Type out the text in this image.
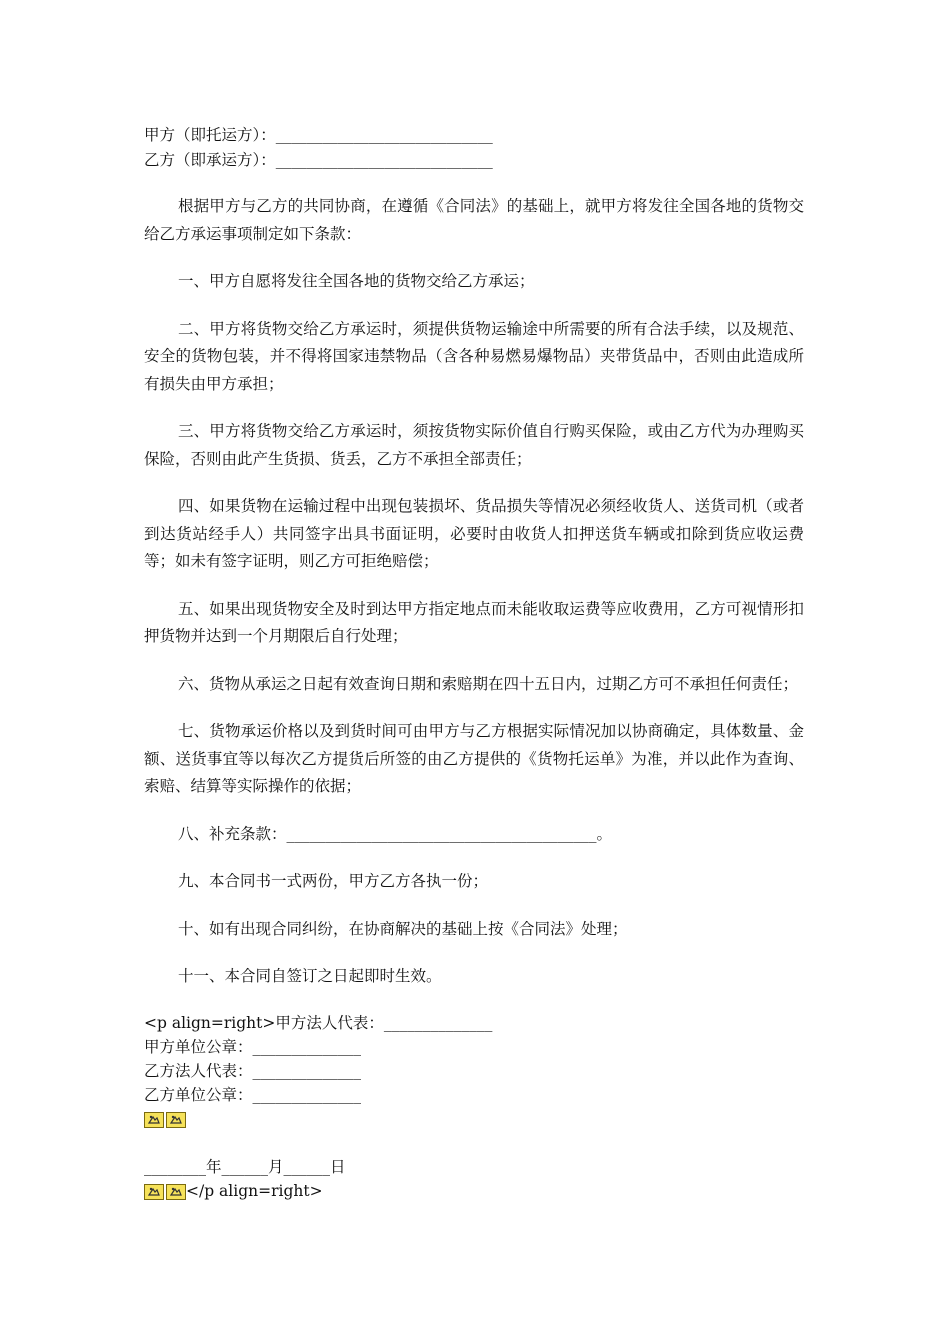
甲方（即托运方）：____________________________
乙方（即承运方）：____________________________

根据甲方与乙方的共同协商，在遵循《合同法》的基础上，就甲方将发往全国各地的货物交给乙方承运事项制定如下条款：

一、甲方自愿将发往全国各地的货物交给乙方承运；

二、甲方将货物交给乙方承运时，须提供货物运输途中所需要的所有合法手续，以及规范、安全的货物包装，并不得将国家违禁物品（含各种易燃易爆物品）夹带货品中，否则由此造成所有损失由甲方承担；

三、甲方将货物交给乙方承运时，须按货物实际价值自行购买保险，或由乙方代为办理购买保险，否则由此产生货损、货丢，乙方不承担全部责任；

四、如果货物在运输过程中出现包装损坏、货品损失等情况必须经收货人、送货司机（或者到达货站经手人）共同签字出具书面证明，必要时由收货人扣押送货车辆或扣除到货应收运费等；如未有签字证明，则乙方可拒绝赔偿；

五、如果出现货物安全及时到达甲方指定地点而未能收取运费等应收费用，乙方可视情形扣押货物并达到一个月期限后自行处理；

六、货物从承运之日起有效查询日期和索赔期在四十五日内，过期乙方可不承担任何责任；

七、货物承运价格以及到货时间可由甲方与乙方根据实际情况加以协商确定，具体数量、金额、送货事宜等以每次乙方提货后所签的由乙方提供的《货物托运单》为准，并以此作为查询、索赔、结算等实际操作的依据；

八、补充条款：________________________________________。

九、本合同书一式两份，甲方乙方各执一份；

十、如有出现合同纠纷，在协商解决的基础上按《合同法》处理；

十一、本合同自签订之日起即时生效。

<p align=right>甲方法人代表：______________
甲方单位公章：______________
乙方法人代表：______________
乙方单位公章：______________
________年______月______日
</p align=right>
